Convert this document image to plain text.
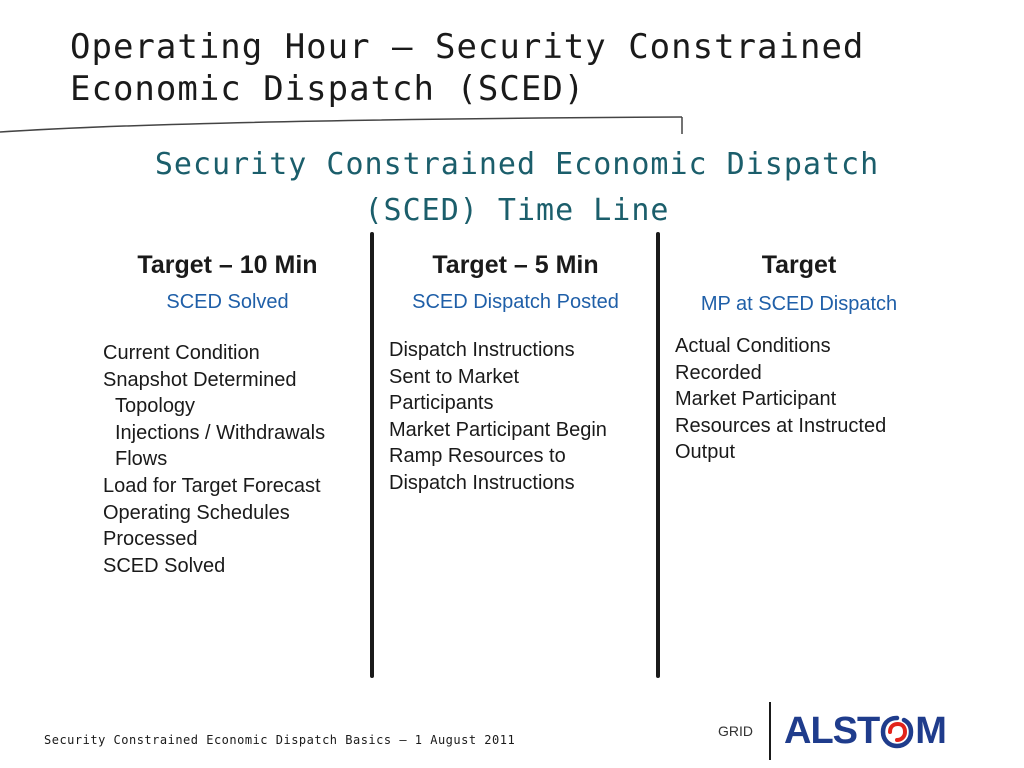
Operating Hour – Security Constrained
Economic Dispatch (SCED)
Security Constrained Economic Dispatch
(SCED) Time Line
Target – 10 Min
SCED Solved
Current Condition
Snapshot Determined
Topology
Injections / Withdrawals
Flows
Load for Target Forecast
Operating Schedules
Processed
SCED Solved
Target – 5 Min
SCED Dispatch Posted
Dispatch Instructions
Sent to Market
Participants
Market Participant Begin
Ramp Resources to
Dispatch Instructions
Target
MP at SCED Dispatch
Actual Conditions
Recorded
Market Participant
Resources at Instructed
Output
Security Constrained Economic Dispatch Basics – 1 August 2011
GRID ALST M
